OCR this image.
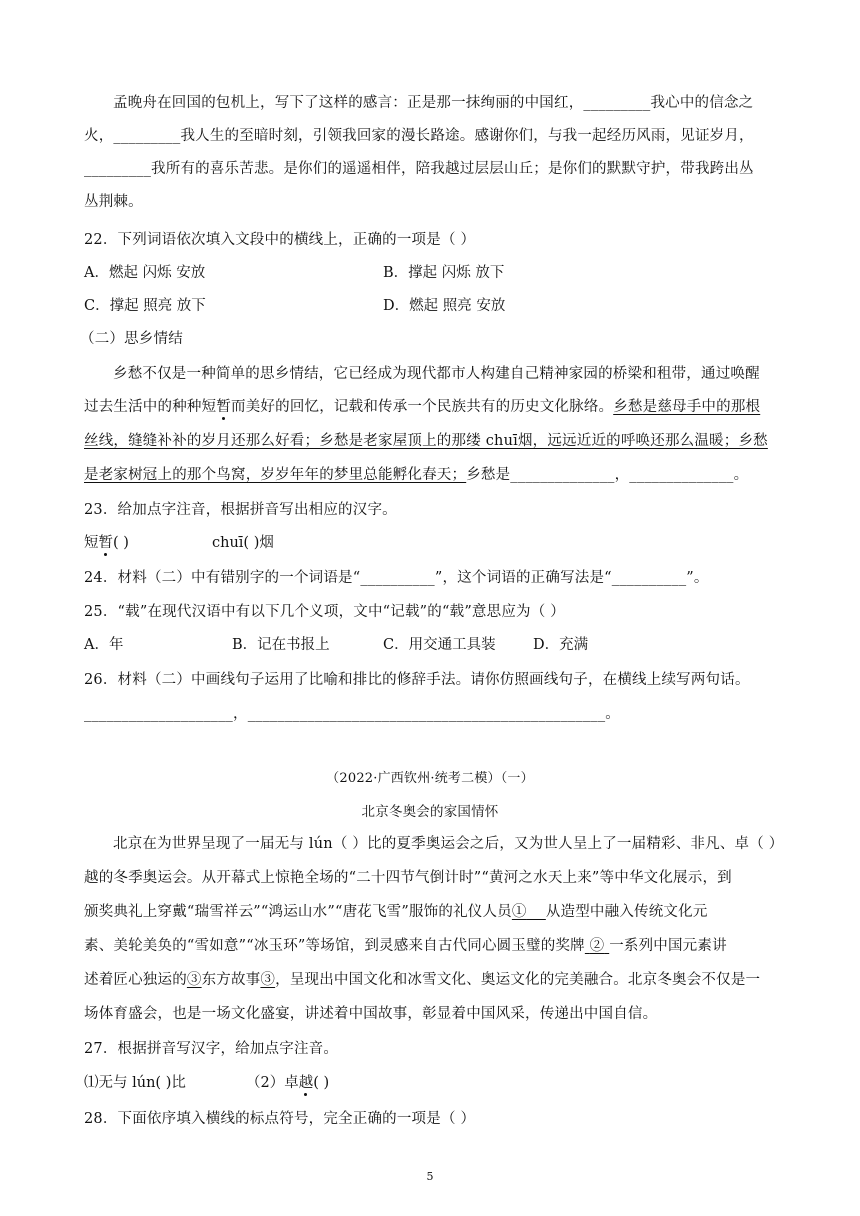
孟晚舟在回国的包机上，写下了这样的感言：正是那一抹绚丽的中国红，_________我心中的信念之
火，_________我人生的至暗时刻，引领我回家的漫长路途。感谢你们，与我一起经历风雨，见证岁月，
_________我所有的喜乐苦悲。是你们的遥遥相伴，陪我越过层层山丘；是你们的默默守护，带我跨出丛
丛荆棘。
22．下列词语依次填入文段中的横线上，正确的一项是（ ）
A．燃起 闪烁 安放	B．撑起 闪烁 放下
C．撑起 照亮 放下	D．燃起 照亮 安放
（二）思乡情结
乡愁不仅是一种简单的思乡情结，它已经成为现代都市人构建自己精神家园的桥梁和租带，通过唤醒
过去生活中的种种短暂而美好的回忆，记载和传承一个民族共有的历史文化脉络。乡愁是慈母手中的那根
丝线，缝缝补补的岁月还那么好看；乡愁是老家屋顶上的那缕 chuī烟，远远近近的呼唤还那么温暖；乡愁
是老家树冠上的那个鸟窝，岁岁年年的梦里总能孵化春天；乡愁是______________，______________。
23．给加点字注音，根据拼音写出相应的汉字。
短暂( )	chuī( )烟
24．材料（二）中有错别字的一个词语是“__________”，这个词语的正确写法是“__________”。
25．“载”在现代汉语中有以下几个义项，文中“记载”的“载”意思应为（ ）
A．年	B．记在书报上	C．用交通工具装	D．充满
26．材料（二）中画线句子运用了比喻和排比的修辞手法。请你仿照画线句子，在横线上续写两句话。
____________________，________________________________________________。
（2022·广西钦州·统考二模）（一）
北京冬奥会的家国情怀
北京在为世界呈现了一届无与 lún（ ）比的夏季奥运会之后，又为世人呈上了一届精彩、非凡、卓（ ）
越的冬季奥运会。从开幕式上惊艳全场的“二十四节气倒计时”“黄河之水天上来”等中华文化展示，到
颁奖典礼上穿戴“瑞雪祥云”“鸿运山水”“唐花飞雪”服饰的礼仪人员① 从造型中融入传统文化元
素、美轮美奂的“雪如意”“冰玉环”等场馆，到灵感来自古代同心圆玉璧的奖牌 ② 一系列中国元素讲
述着匠心独运的③东方故事③，呈现出中国文化和冰雪文化、奥运文化的完美融合。北京冬奥会不仅是一
场体育盛会，也是一场文化盛宴，讲述着中国故事，彰显着中国风采，传递出中国自信。
27．根据拼音写汉字，给加点字注音。
⑴无与 lún( )比	（2）卓越( )
28．下面依序填入横线的标点符号，完全正确的一项是（ ）
5
